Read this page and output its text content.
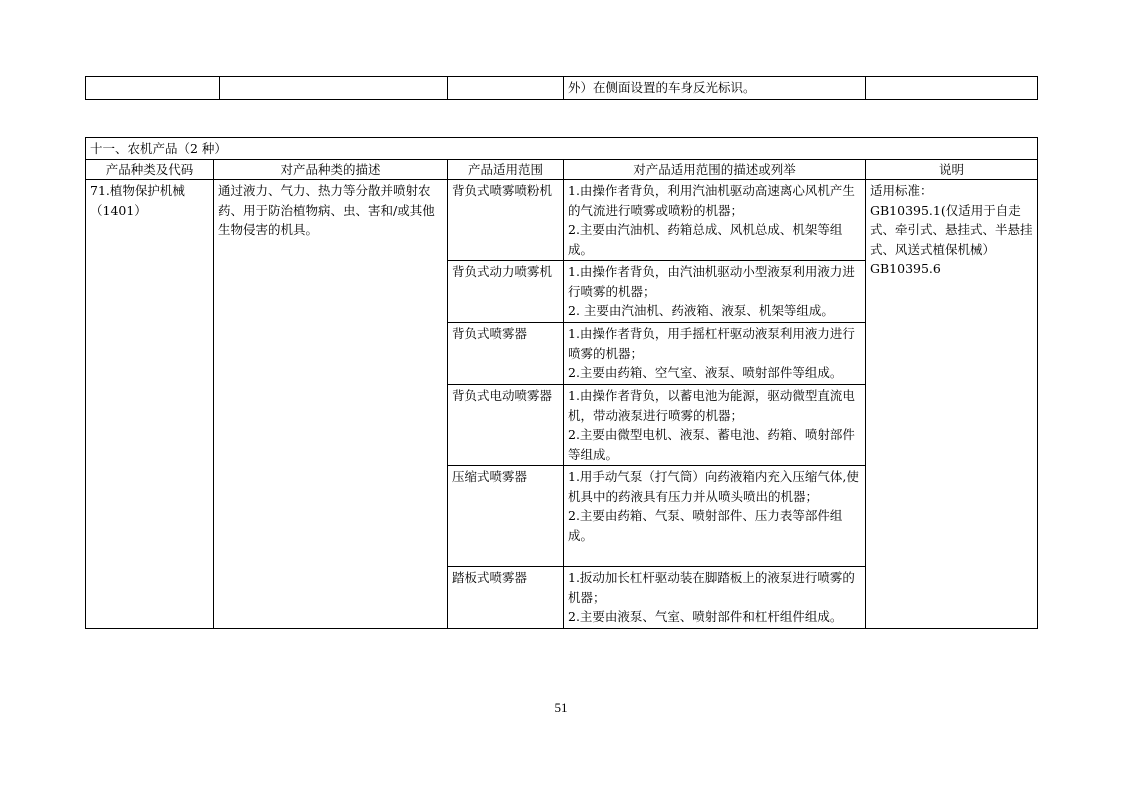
			外）在侧面设置的车身反光标识。	
十一、农机产品（2 种）				
产品种类及代码	对产品种类的描述	产品适用范围	对产品适用范围的描述或列举	说明

71.植物保护机械
（1401）	通过液力、气力、热力等分散并喷射农药、用于防治植物病、虫、害和/或其他生物侵害的机具。	背负式喷雾喷粉机	1.由操作者背负，利用汽油机驱动高速离心风机产生的气流进行喷雾或喷粉的机器；
2.主要由汽油机、药箱总成、风机总成、机架等组成。	适用标准：
GB10395.1(仅适用于自走式、牵引式、悬挂式、半悬挂式、风送式植保机械）
GB10395.6

		背负式动力喷雾机	1.由操作者背负，由汽油机驱动小型液泵利用液力进行喷雾的机器；
2. 主要由汽油机、药液箱、液泵、机架等组成。	

		背负式喷雾器	1.由操作者背负，用手摇杠杆驱动液泵利用液力进行喷雾的机器；
2.主要由药箱、空气室、液泵、喷射部件等组成。	

		背负式电动喷雾器	1.由操作者背负，以蓄电池为能源，驱动微型直流电机，带动液泵进行喷雾的机器；
2.主要由微型电机、液泵、蓄电池、药箱、喷射部件等组成。	

		压缩式喷雾器	1.用手动气泵（打气筒）向药液箱内充入压缩气体,使机具中的药液具有压力并从喷头喷出的机器；
2.主要由药箱、气泵、喷射部件、压力表等部件组成。	

		踏板式喷雾器	1.扳动加长杠杆驱动装在脚踏板上的液泵进行喷雾的机器；
2.主要由液泵、气室、喷射部件和杠杆组件组成。	
51
